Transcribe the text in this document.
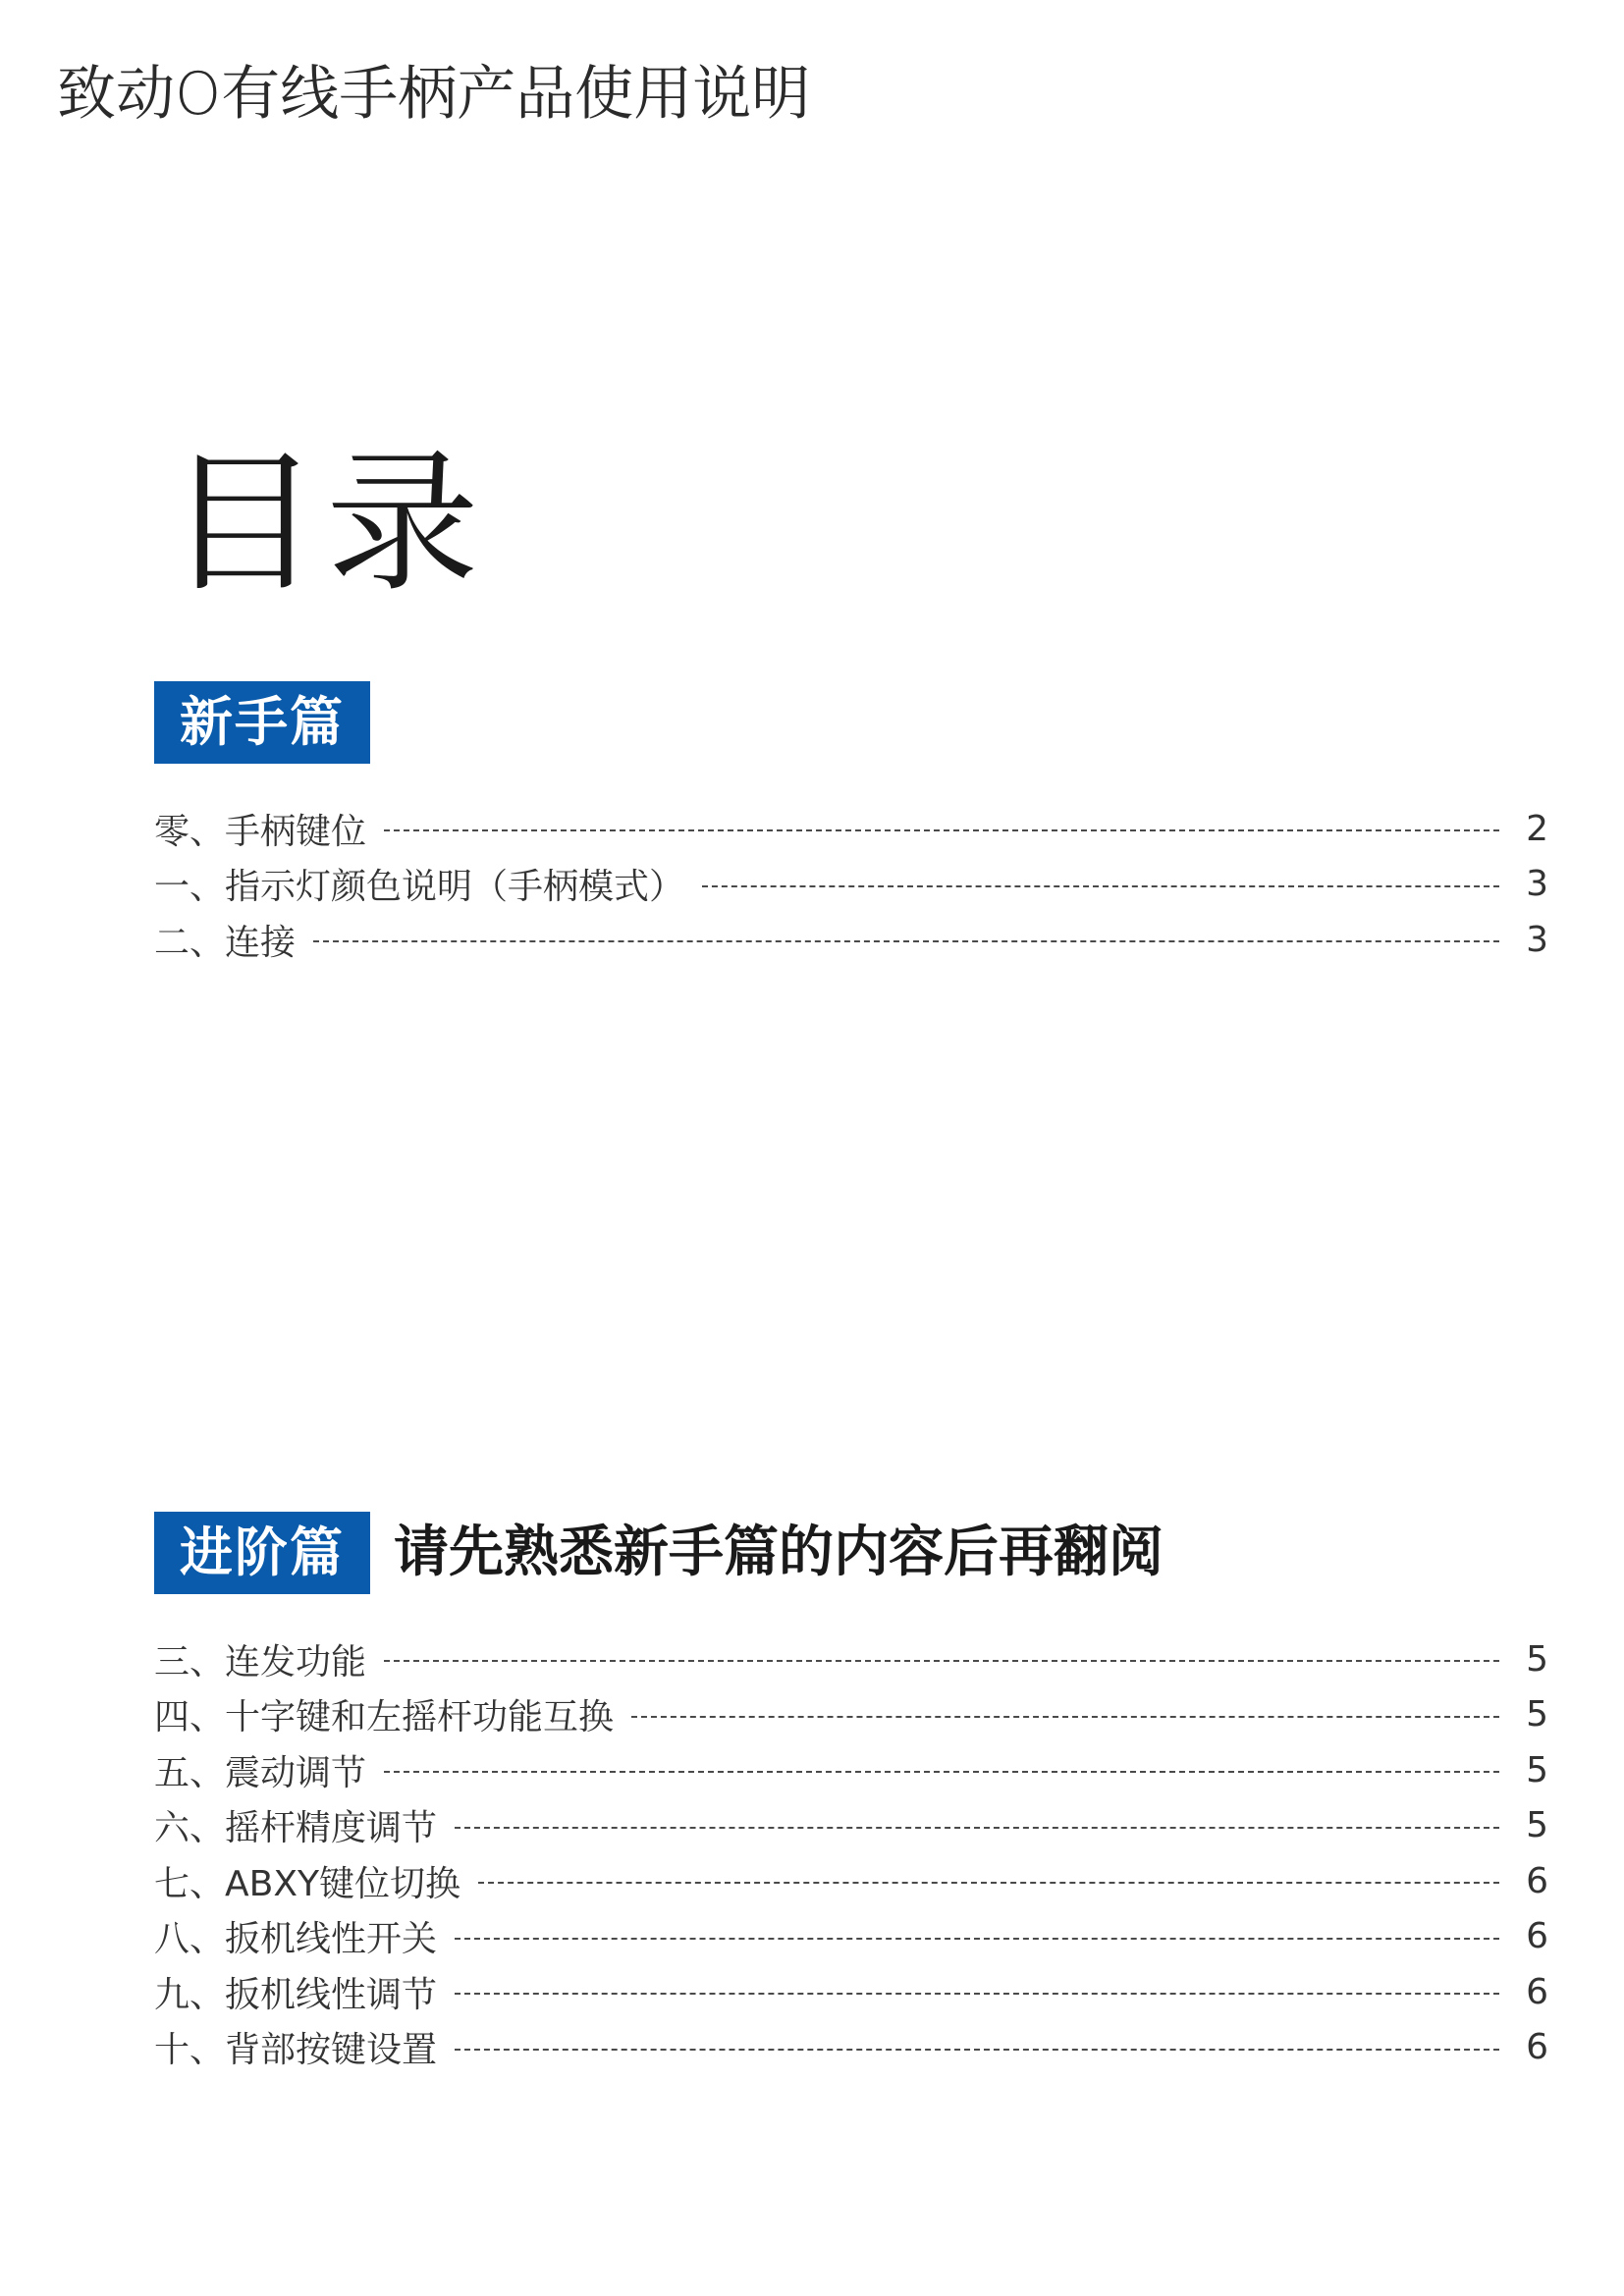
致动O有线手柄产品使用说明
目录
新手篇
零、手柄键位	2
一、指示灯颜色说明（手柄模式）	3
二、连接	3
进阶篇 请先熟悉新手篇的内容后再翻阅
三、连发功能	5
四、十字键和左摇杆功能互换	5
五、震动调节	5
六、摇杆精度调节	5
七、ABXY键位切换	6
八、扳机线性开关	6
九、扳机线性调节	6
十、背部按键设置	6
